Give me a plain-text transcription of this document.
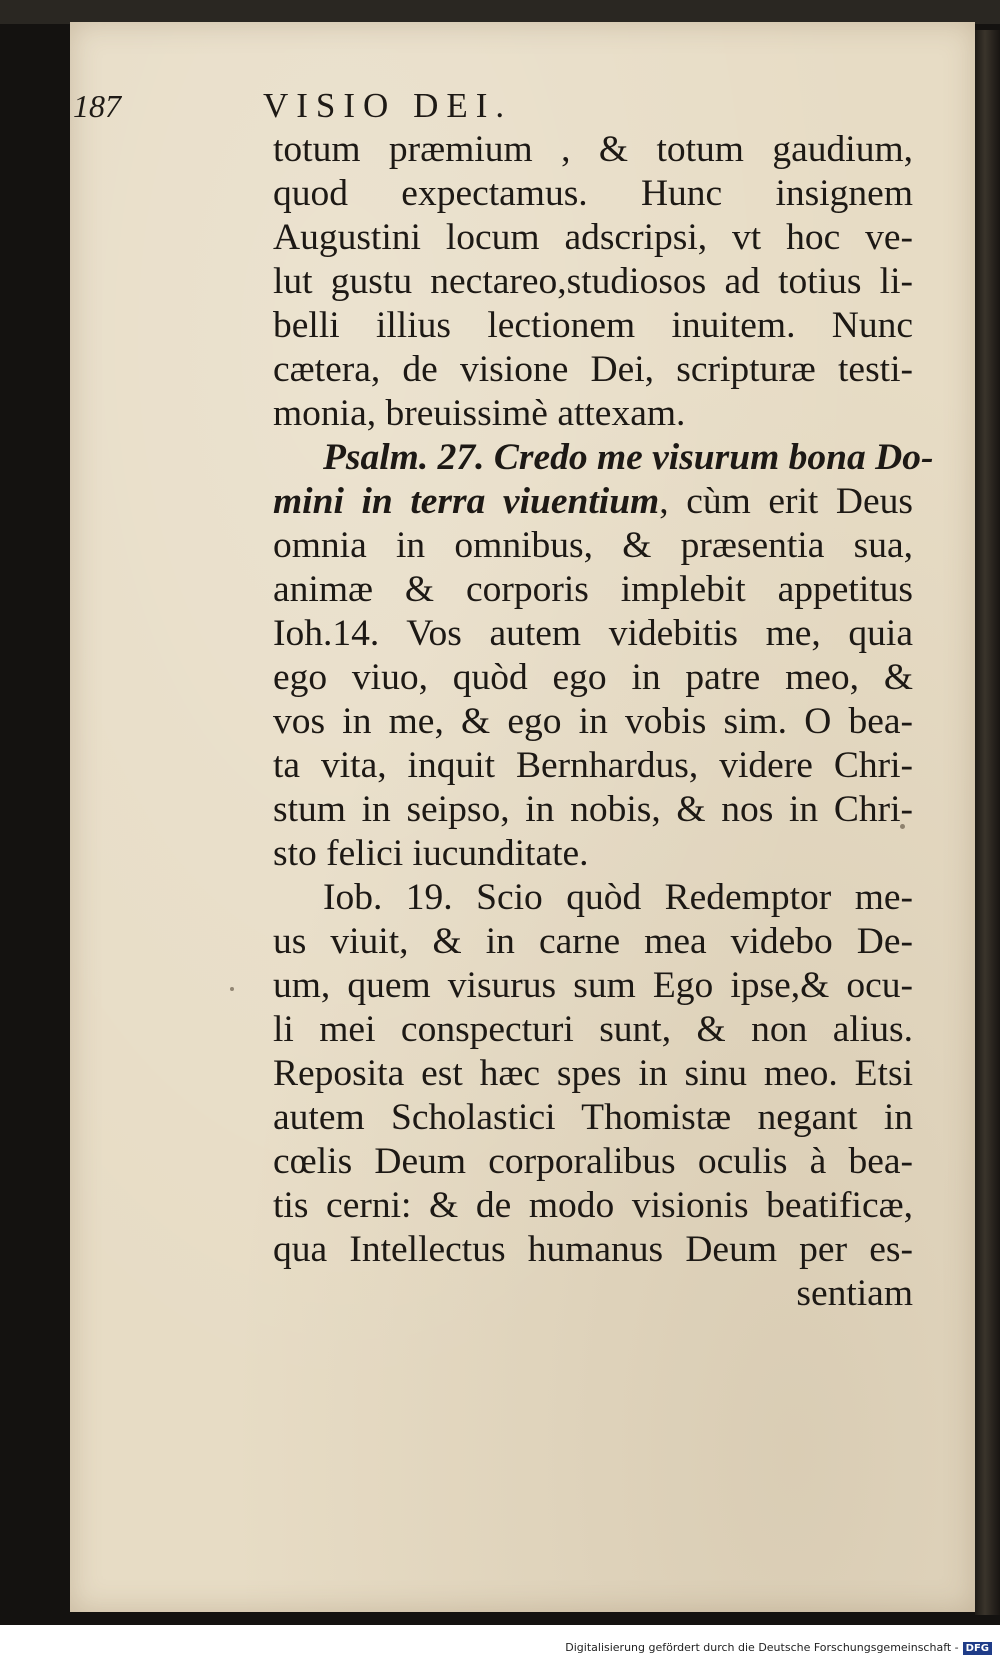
187	VISIO DEI.
totum præmium , & totum gaudium,
quod expectamus. Hunc insignem
Augustini locum adscripsi, vt hoc ve-
lut gustu nectareo,studiosos ad totius li-
belli illius lectionem inuitem. Nunc
cætera, de visione Dei, scripturæ testi-
monia, breuissimè attexam.
Psalm. 27. Credo me visurum bona Do-
mini in terra viuentium, cùm erit Deus
omnia in omnibus, & præsentia sua,
animæ & corporis implebit appetitus
Ioh.14. Vos autem videbitis me, quia
ego viuo, quòd ego in patre meo, &
vos in me, & ego in vobis sim. O bea-
ta vita, inquit Bernhardus, videre Chri-
stum in seipso, in nobis, & nos in Chri-
sto felici iucunditate.
Iob. 19. Scio quòd Redemptor me-
us viuit, & in carne mea videbo De-
um, quem visurus sum Ego ipse,& ocu-
li mei conspecturi sunt, & non alius.
Reposita est hæc spes in sinu meo. Etsi
autem Scholastici Thomistæ negant in
cœlis Deum corporalibus oculis à bea-
tis cerni: & de modo visionis beatificæ,
qua Intellectus humanus Deum per es-
sentiam
Digitalisierung gefördert durch die Deutsche Forschungsgemeinschaft - DFG
